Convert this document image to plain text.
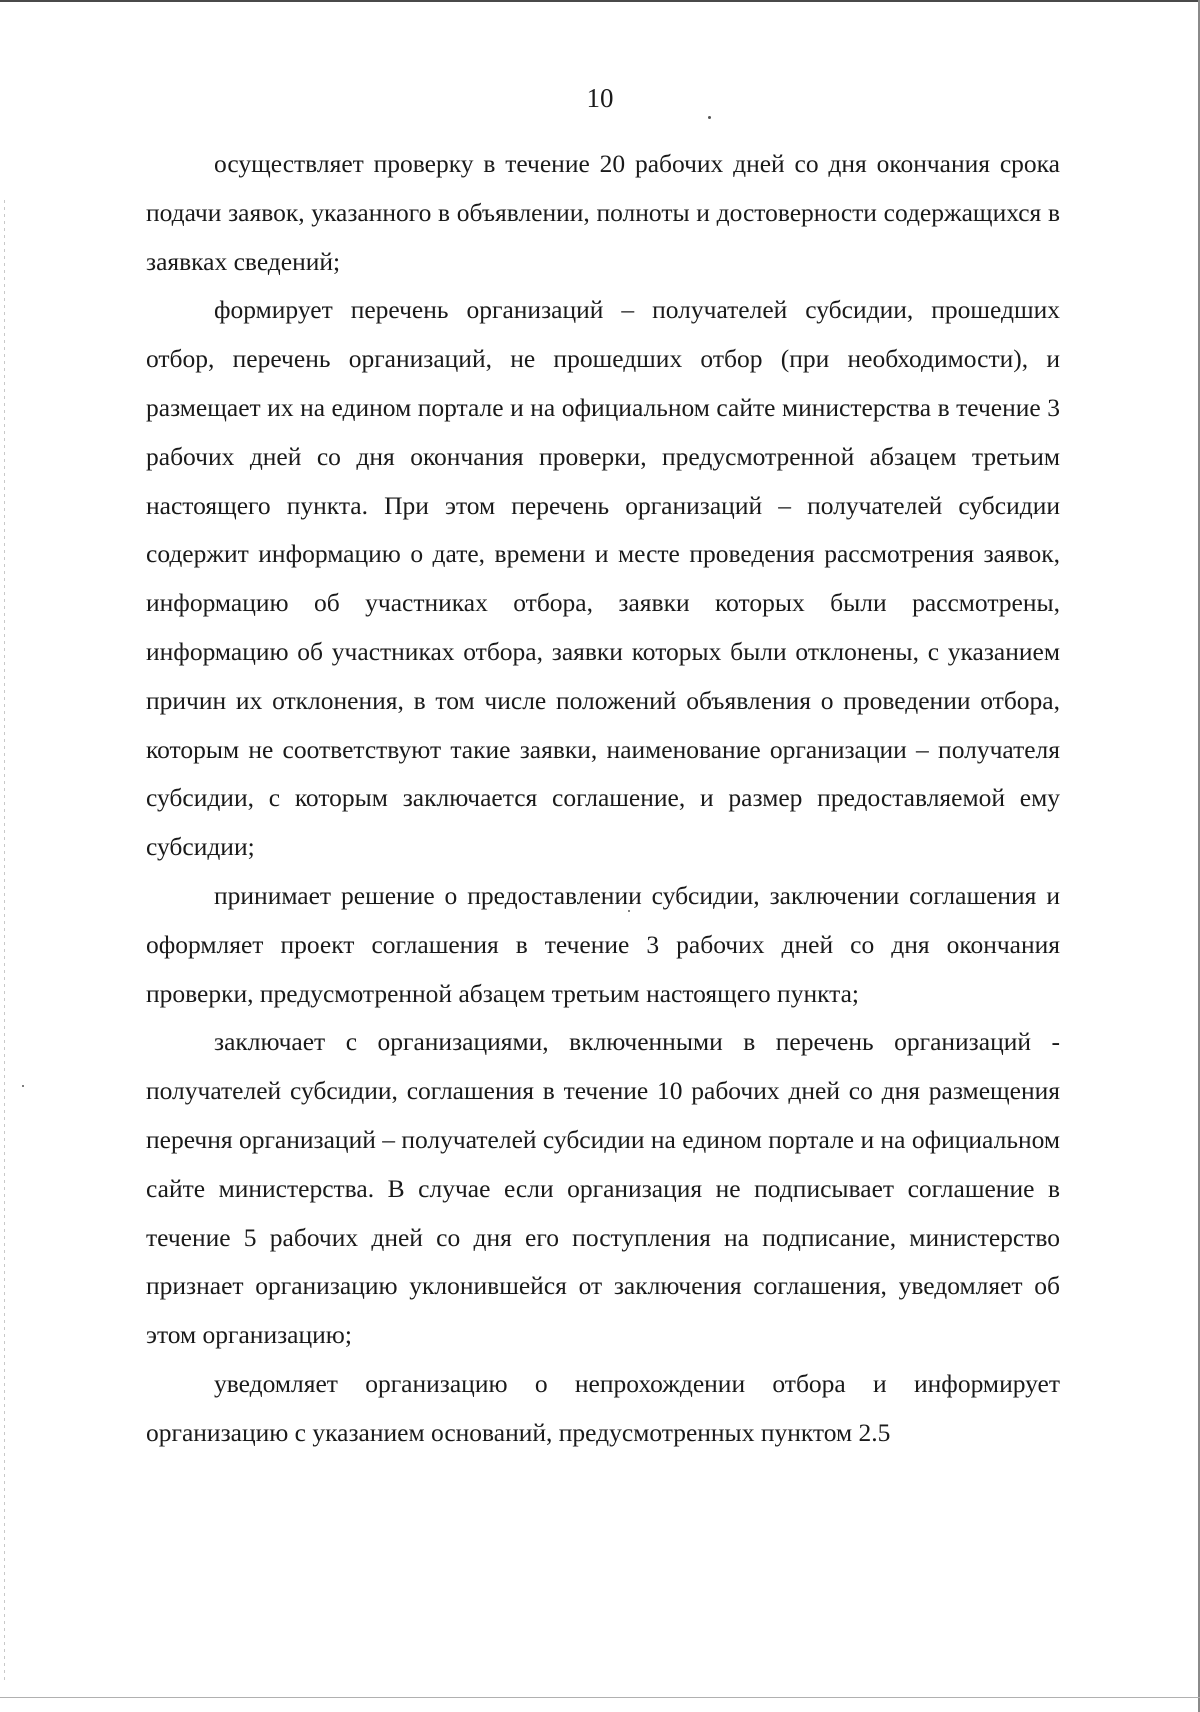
10

осуществляет проверку в течение 20 рабочих дней со дня окончания срока подачи заявок, указанного в объявлении, полноты и достоверности содержащихся в заявках сведений;

формирует перечень организаций – получателей субсидии, прошедших отбор, перечень организаций, не прошедших отбор (при необходимости), и размещает их на едином портале и на официальном сайте министерства в течение 3 рабочих дней со дня окончания проверки, предусмотренной абзацем третьим настоящего пункта. При этом перечень организаций – получателей субсидии содержит информацию о дате, времени и месте проведения рассмотрения заявок, информацию об участниках отбора, заявки которых были рассмотрены, информацию об участниках отбора, заявки которых были отклонены, с указанием причин их отклонения, в том числе положений объявления о проведении отбора, которым не соответствуют такие заявки, наименование организации – получателя субсидии, с которым заключается соглашение, и размер предоставляемой ему субсидии;

принимает решение о предоставлении субсидии, заключении соглашения и оформляет проект соглашения в течение 3 рабочих дней со дня окончания проверки, предусмотренной абзацем третьим настоящего пункта;

заключает с организациями, включенными в перечень организаций - получателей субсидии, соглашения в течение 10 рабочих дней со дня размещения перечня организаций – получателей субсидии на едином портале и на официальном сайте министерства. В случае если организация не подписывает соглашение в течение 5 рабочих дней со дня его поступления на подписание, министерство признает организацию уклонившейся от заключения соглашения, уведомляет об этом организацию;

уведомляет организацию о непрохождении отбора и информирует организацию с указанием оснований, предусмотренных пунктом 2.5
